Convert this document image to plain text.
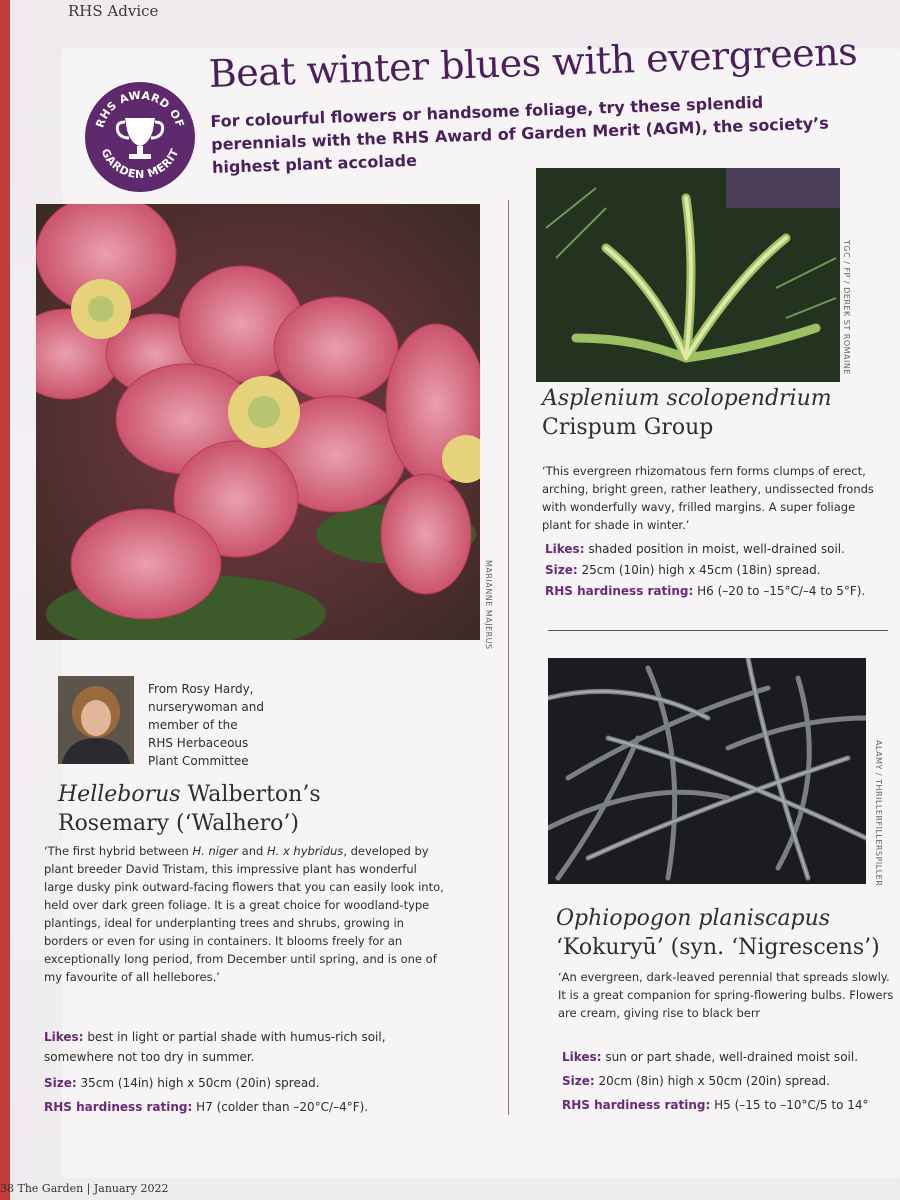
RHS Advice
RHS AWARD OF
GARDEN MERIT
Beat winter blues with evergreens
For colourful flowers or handsome foliage, try these splendid perennials with the RHS Award of Garden Merit (AGM), the society’s highest plant accolade
MARIANNE MAJERUS
TGC / FP / DEREK ST ROMAINE
Asplenium scolopendrium
Crispum Group
‘This evergreen rhizomatous fern forms clumps of erect, arching, bright green, rather leathery, undissected fronds with wonderfully wavy, frilled margins. A super foliage plant for shade in winter.’
Likes: shaded position in moist, well-drained soil.
Size: 25cm (10in) high x 45cm (18in) spread.
RHS hardiness rating: H6 (–20 to –15°C/–4 to 5°F).
ALAMY / THRILLERFILLERSPILLER
Ophiopogon planiscapus
‘Kokuryū’ (syn. ‘Nigrescens’)
‘An evergreen, dark-leaved perennial that spreads slowly. It is a great companion for spring-flowering bulbs. Flowers are cream, giving rise to black berr
Likes: sun or part shade, well-drained moist soil.
Size: 20cm (8in) high x 50cm (20in) spread.
RHS hardiness rating: H5 (–15 to –10°C/5 to 14°
From Rosy Hardy,
nurserywoman and
member of the
RHS Herbaceous
Plant Committee
Helleborus Walberton’s
Rosemary (‘Walhero’)
‘The first hybrid between H. niger and H. x hybridus, developed by plant breeder David Tristam, this impressive plant has wonderful large dusky pink outward-facing flowers that you can easily look into, held over dark green foliage. It is a great choice for woodland-type plantings, ideal for underplanting trees and shrubs, growing in borders or even for using in containers. It blooms freely for an exceptionally long period, from December until spring, and is one of my favourite of all hellebores.’
Likes: best in light or partial shade with humus-rich soil,
somewhere not too dry in summer.
Size: 35cm (14in) high x 50cm (20in) spread.
RHS hardiness rating: H7 (colder than –20°C/–4°F).
38 The Garden | January 2022
